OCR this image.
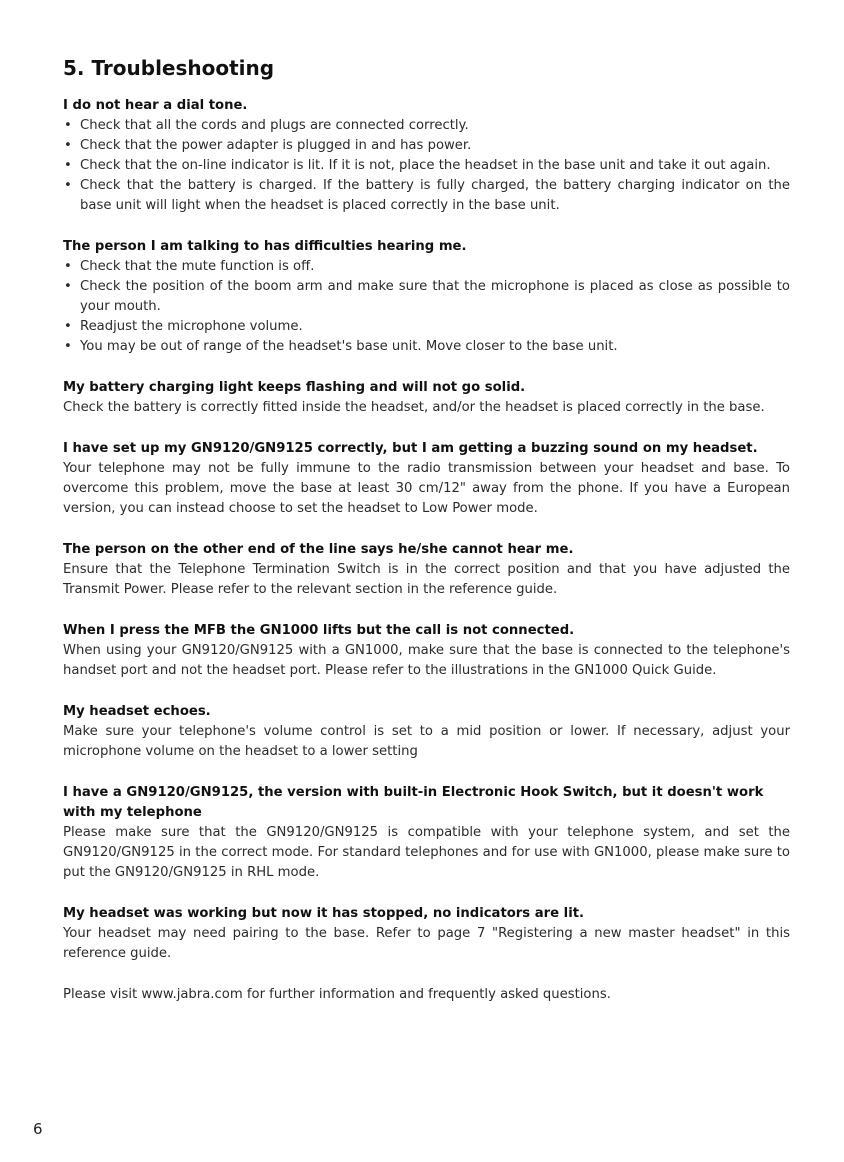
5. Troubleshooting
I do not hear a dial tone.
• Check that all the cords and plugs are connected correctly.
• Check that the power adapter is plugged in and has power.
• Check that the on-line indicator is lit. If it is not, place the headset in the base unit and take it out again.
• Check that the battery is charged. If the battery is fully charged, the battery charging indicator on the base unit will light when the headset is placed correctly in the base unit.
The person I am talking to has difficulties hearing me.
• Check that the mute function is off.
• Check the position of the boom arm and make sure that the microphone is placed as close as possible to your mouth.
• Readjust the microphone volume.
• You may be out of range of the headset's base unit. Move closer to the base unit.
My battery charging light keeps flashing and will not go solid.

Check the battery is correctly fitted inside the headset, and/or the headset is placed correctly in the base.

I have set up my GN9120/GN9125 correctly, but I am getting a buzzing sound on my headset.

Your telephone may not be fully immune to the radio transmission between your headset and base. To overcome this problem, move the base at least 30 cm/12" away from the phone. If you have a European version, you can instead choose to set the headset to Low Power mode.

The person on the other end of the line says he/she cannot hear me.

Ensure that the Telephone Termination Switch is in the correct position and that you have adjusted the Transmit Power. Please refer to the relevant section in the reference guide.

When I press the MFB the GN1000 lifts but the call is not connected.

When using your GN9120/GN9125 with a GN1000, make sure that the base is connected to the telephone's handset port and not the headset port. Please refer to the illustrations in the GN1000 Quick Guide.

My headset echoes.

Make sure your telephone's volume control is set to a mid position or lower. If necessary, adjust your microphone volume on the headset to a lower setting

I have a GN9120/GN9125, the version with built-in Electronic Hook Switch, but it doesn't work with my telephone

Please make sure that the GN9120/GN9125 is compatible with your telephone system, and set the GN9120/GN9125 in the correct mode. For standard telephones and for use with GN1000, please make sure to put the GN9120/GN9125 in RHL mode.

My headset was working but now it has stopped, no indicators are lit.

Your headset may need pairing to the base. Refer to page 7 "Registering a new master headset" in this reference guide.

Please visit www.jabra.com for further information and frequently asked questions.

6
